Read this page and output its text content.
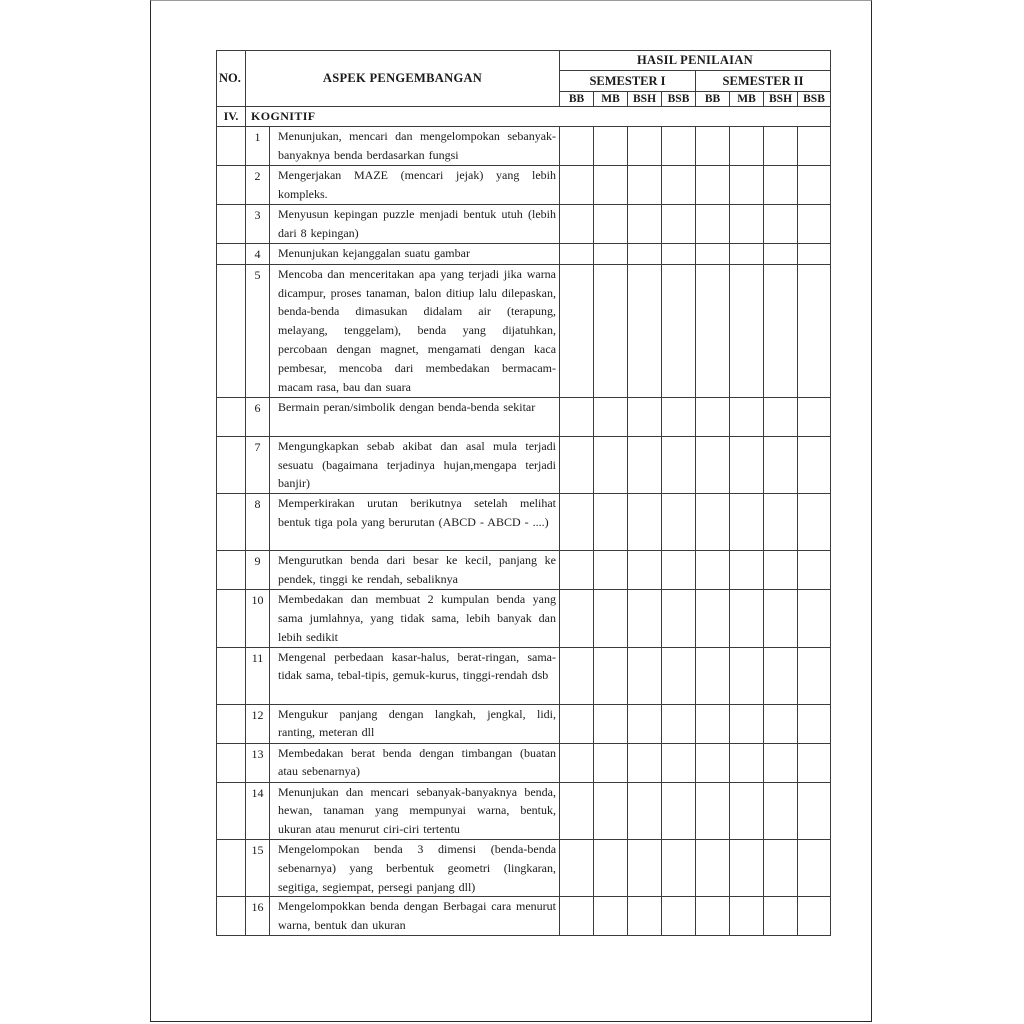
NO.	ASPEK PENGEMBANGAN		HASIL PENILAIAN							
			SEMESTER I				SEMESTER II			
			BB	MB	BSH	BSB	BB	MB	BSH	BSB
IV.	KOGNITIF									
	1	Menunjukan, mencari dan mengelompokan sebanyak-banyaknya benda berdasarkan fungsi								
	2	Mengerjakan MAZE (mencari jejak) yang lebih kompleks.								
	3	Menyusun kepingan puzzle menjadi bentuk utuh (lebih dari 8 kepingan)								
	4	Menunjukan kejanggalan suatu gambar								
	5	Mencoba dan menceritakan apa yang terjadi jika warna dicampur, proses tanaman, balon ditiup lalu dilepaskan, benda-benda dimasukan didalam air (terapung, melayang, tenggelam), benda yang dijatuhkan, percobaan dengan magnet, mengamati dengan kaca pembesar, mencoba dari membedakan bermacam-macam rasa, bau dan suara								
	6	Bermain peran/simbolik dengan benda-benda sekitar								
	7	Mengungkapkan sebab akibat dan asal mula terjadi sesuatu (bagaimana terjadinya hujan,mengapa terjadi banjir)								
	8	Memperkirakan urutan berikutnya setelah melihat bentuk tiga pola yang berurutan (ABCD - ABCD - ....)								
	9	Mengurutkan benda dari besar ke kecil, panjang ke pendek, tinggi ke rendah, sebaliknya								
	10	Membedakan dan membuat 2 kumpulan benda yang sama jumlahnya, yang tidak sama, lebih banyak dan lebih sedikit								
	11	Mengenal perbedaan kasar-halus, berat-ringan, sama-tidak sama, tebal-tipis, gemuk-kurus, tinggi-rendah dsb								
	12	Mengukur panjang dengan langkah, jengkal, lidi, ranting, meteran dll								
	13	Membedakan berat benda dengan timbangan (buatan atau sebenarnya)								
	14	Menunjukan dan mencari sebanyak-banyaknya benda, hewan, tanaman yang mempunyai warna, bentuk, ukuran atau menurut ciri-ciri tertentu								
	15	Mengelompokan benda 3 dimensi (benda-benda sebenarnya) yang berbentuk geometri (lingkaran, segitiga, segiempat, persegi panjang dll)								
	16	Mengelompokkan benda dengan Berbagai cara menurut warna, bentuk dan ukuran								
